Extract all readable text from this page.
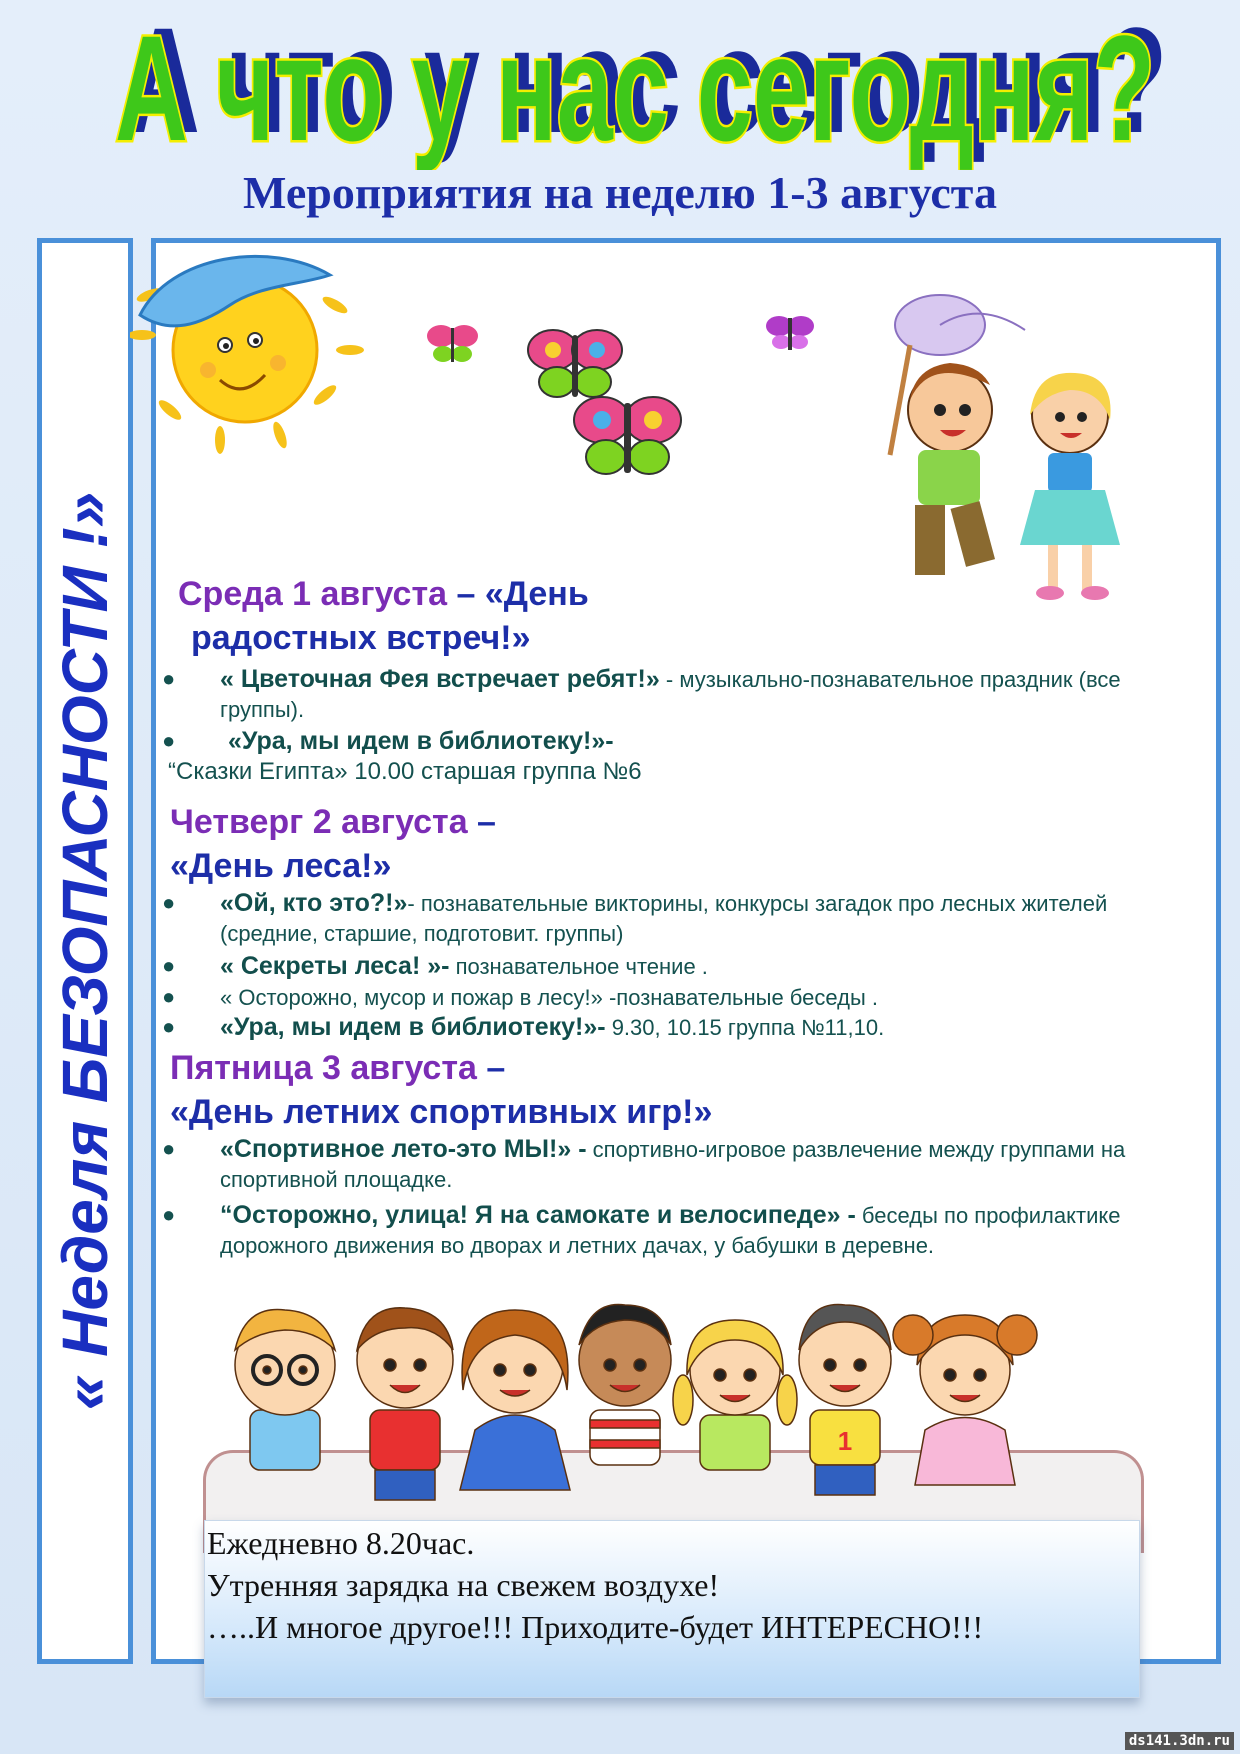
А что у нас сегодня?
А что у нас сегодня?
Мероприятия на неделю 1-3 августа
« Неделя БЕЗОПАСНОСТИ !» Среда 1 августа – «День
радостных встреч!»
● « Цветочная Фея встречает ребят!» - музыкально-познавательное праздник (все группы).
● «Ура, мы идем в библиотеку!»-
“Сказки Египта» 10.00 старшая группа №6
Четверг 2 августа –
«День леса!»
● «Ой, кто это?!»- познавательные викторины, конкурсы загадок про лесных жителей (средние, старшие, подготовит. группы)
● « Секреты леса! »- познавательное чтение .
● « Осторожно, мусор и пожар в лесу!» -познавательные беседы .
● «Ура, мы идем в библиотеку!»- 9.30, 10.15 группа №11,10.
Пятница 3 августа –
«День летних спортивных игр!»
● «Спортивное лето-это МЫ!» - спортивно-игровое развлечение между группами на спортивной площадке.
● “Осторожно, улица! Я на самокате и велосипеде» - беседы по профилактике дорожного движения во дворах и летних дачах, у бабушки в деревне.
1
Ежедневно 8.20час.
Утренняя зарядка на свежем воздухе!
…..И многое другое!!! Приходите-будет ИНТЕРЕСНО!!!
ds141.3dn.ru
